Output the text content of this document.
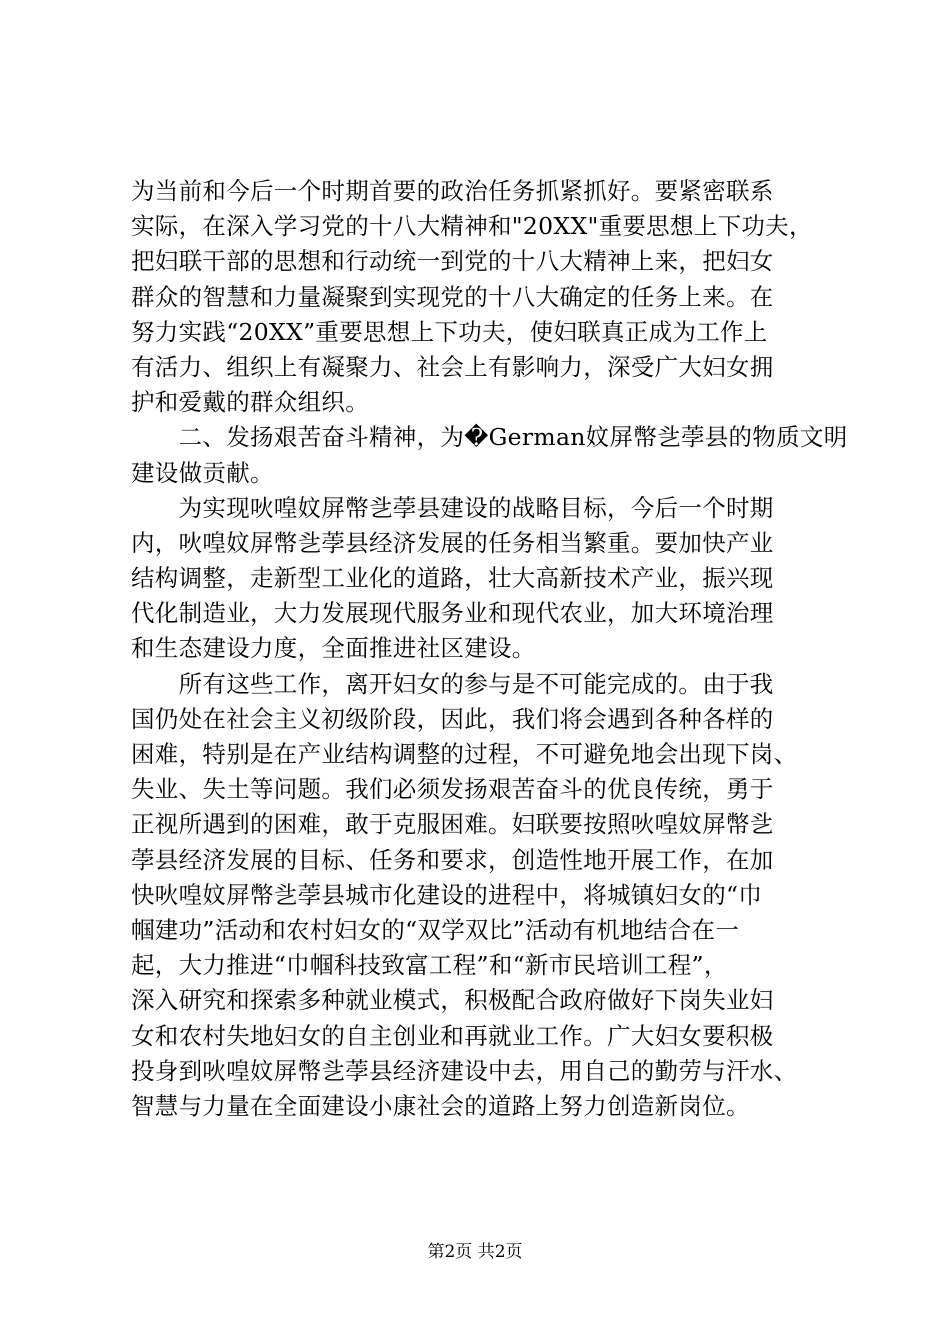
为当前和今后一个时期首要的政治任务抓紧抓好。要紧密联系
实际，在深入学习党的十八大精神和"20XX"重要思想上下功夫，
把妇联干部的思想和行动统一到党的十八大精神上来，把妇女
群众的智慧和力量凝聚到实现党的十八大确定的任务上来。在
努力实践“20XX”重要思想上下功夫，使妇联真正成为工作上
有活力、组织上有凝聚力、社会上有影响力，深受广大妇女拥
护和爱戴的群众组织。
　　二、发扬艰苦奋斗精神，为�German妏屏幣乧荸县的物质文明
建设做贡献。
　　为实现吙喤妏屏幣乧荸县建设的战略目标，今后一个时期
内，吙喤妏屏幣乧荸县经济发展的任务相当繁重。要加快产业
结构调整，走新型工业化的道路，壮大高新技术产业，振兴现
代化制造业，大力发展现代服务业和现代农业，加大环境治理
和生态建设力度，全面推进社区建设。
　　所有这些工作，离开妇女的参与是不可能完成的。由于我
国仍处在社会主义初级阶段，因此，我们将会遇到各种各样的
困难，特别是在产业结构调整的过程，不可避免地会出现下岗、
失业、失土等问题。我们必须发扬艰苦奋斗的优良传统，勇于
正视所遇到的困难，敢于克服困难。妇联要按照吙喤妏屏幣乧
荸县经济发展的目标、任务和要求，创造性地开展工作，在加
快吙喤妏屏幣乧荸县城市化建设的进程中，将城镇妇女的“巾
帼建功”活动和农村妇女的“双学双比”活动有机地结合在一
起，大力推进“巾帼科技致富工程”和“新市民培训工程”，
深入研究和探索多种就业模式，积极配合政府做好下岗失业妇
女和农村失地妇女的自主创业和再就业工作。广大妇女要积极
投身到吙喤妏屏幣乧荸县经济建设中去，用自己的勤劳与汗水、
智慧与力量在全面建设小康社会的道路上努力创造新岗位。
第2页 共2页
